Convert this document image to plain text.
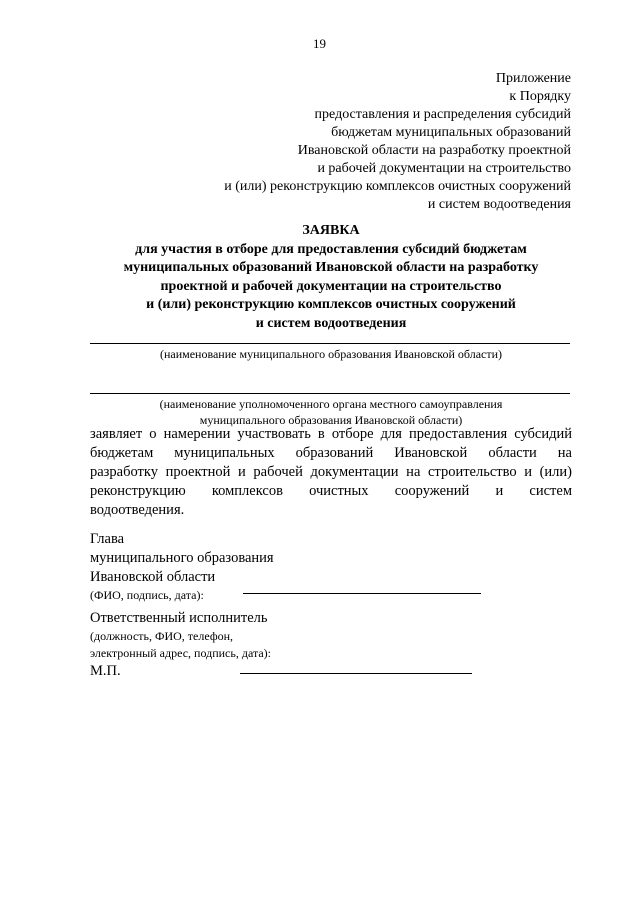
19
Приложение
к Порядку
предоставления и распределения субсидий
бюджетам муниципальных образований
Ивановской области на разработку проектной
и рабочей документации на строительство
и (или) реконструкцию комплексов очистных сооружений
и систем водоотведения
ЗАЯВКА
для участия в отборе для предоставления субсидий бюджетам
муниципальных образований Ивановской области на разработку
проектной и рабочей документации на строительство
и (или) реконструкцию комплексов очистных сооружений
и систем водоотведения
(наименование муниципального образования Ивановской области)
(наименование уполномоченного органа местного самоуправления
муниципального образования Ивановской области)
заявляет о намерении участвовать в отборе для предоставления субсидий
бюджетам муниципальных образований Ивановской области на
разработку проектной и рабочей документации на строительство и (или)
реконструкцию комплексов очистных сооружений и систем
водоотведения.
Глава
муниципального образования
Ивановской области
(ФИО, подпись, дата):
Ответственный исполнитель
(должность, ФИО, телефон,
электронный адрес, подпись, дата):
М.П.
